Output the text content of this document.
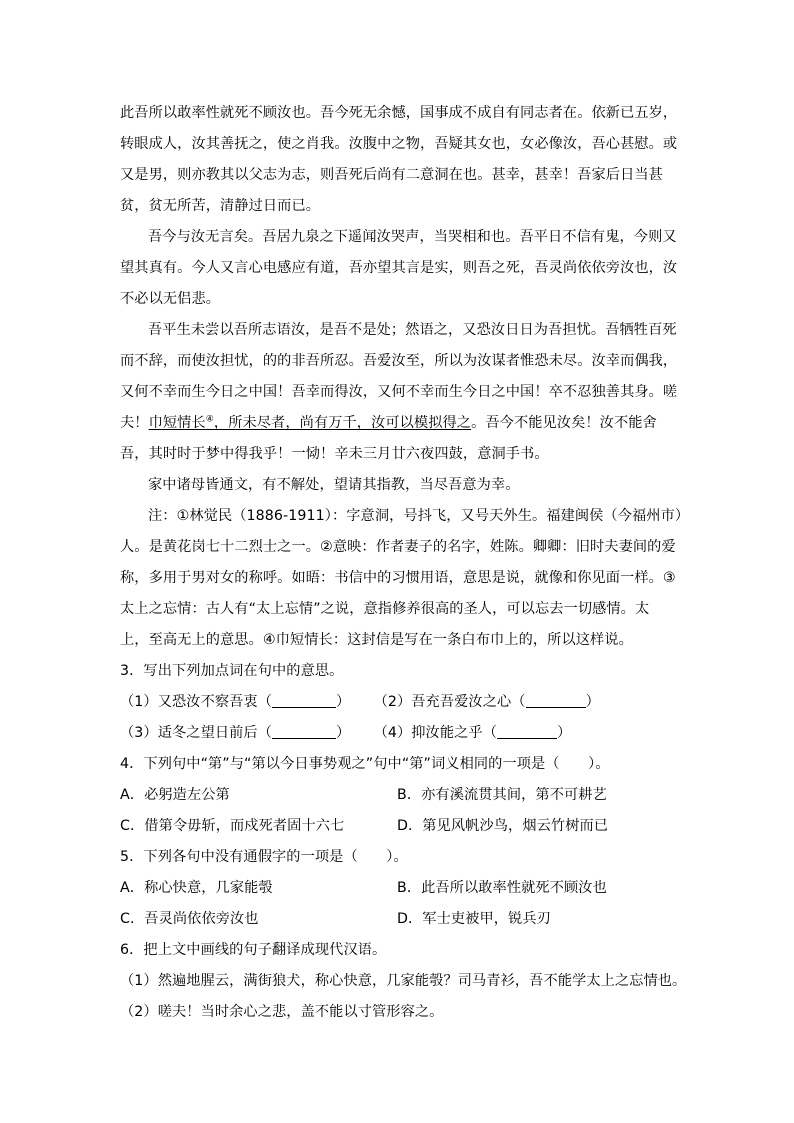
此吾所以敢率性就死不顾汝也。吾今死无余憾，国事成不成自有同志者在。依新已五岁，
转眼成人，汝其善抚之，使之肖我。汝腹中之物，吾疑其女也，女必像汝，吾心甚慰。或
又是男，则亦教其以父志为志，则吾死后尚有二意洞在也。甚幸，甚幸！吾家后日当甚
贫，贫无所苦，清静过日而已。
吾今与汝无言矣。吾居九泉之下遥闻汝哭声，当哭相和也。吾平日不信有鬼，今则又
望其真有。今人又言心电感应有道，吾亦望其言是实，则吾之死，吾灵尚依依旁汝也，汝
不必以无侣悲。
吾平生未尝以吾所志语汝，是吾不是处；然语之，又恐汝日日为吾担忧。吾牺牲百死
而不辞，而使汝担忧，的的非吾所忍。吾爱汝至，所以为汝谋者惟恐未尽。汝幸而偶我，
又何不幸而生今日之中国！吾幸而得汝，又何不幸而生今日之中国！卒不忍独善其身。嗟
夫！巾短情长④，所未尽者，尚有万千，汝可以模拟得之。吾今不能见汝矣！汝不能舍
吾，其时时于梦中得我乎！一恸！辛未三月廿六夜四鼓，意洞手书。
家中诸母皆通文，有不解处，望请其指教，当尽吾意为幸。
注：①林觉民（1886-1911）：字意洞，号抖飞，又号天外生。福建闽侯（今福州市）
人。是黄花岗七十二烈士之一。②意映：作者妻子的名字，姓陈。卿卿：旧时夫妻间的爱
称，多用于男对女的称呼。如晤：书信中的习惯用语，意思是说，就像和你见面一样。③
太上之忘情：古人有“太上忘情”之说，意指修养很高的圣人，可以忘去一切感情。太
上，至高无上的意思。④巾短情长：这封信是写在一条白布巾上的，所以这样说。
3．写出下列加点词在句中的意思。
（1）又恐汝不察吾衷（	） （2）吾充吾爱汝之心（	）
（3）适冬之望日前后（	） （4）抑汝能之乎（	）
4．下列句中“第”与“第以今日事势观之”句中“第”词义相同的一项是（　　）。
A．必躬造左公第	B．亦有溪流贯其间，第不可耕艺
C．借第令毋斩，而戍死者固十六七	D．第见风帆沙鸟，烟云竹树而已
5．下列各句中没有通假字的一项是（　　）。
A．称心快意，几家能彀	B．此吾所以敢率性就死不顾汝也
C．吾灵尚依依旁汝也	D．军士吏被甲，锐兵刃
6．把上文中画线的句子翻译成现代汉语。
（1）然遍地腥云，满街狼犬，称心快意，几家能彀？司马青衫，吾不能学太上之忘情也。
（2）嗟夫！当时余心之悲，盖不能以寸管形容之。
